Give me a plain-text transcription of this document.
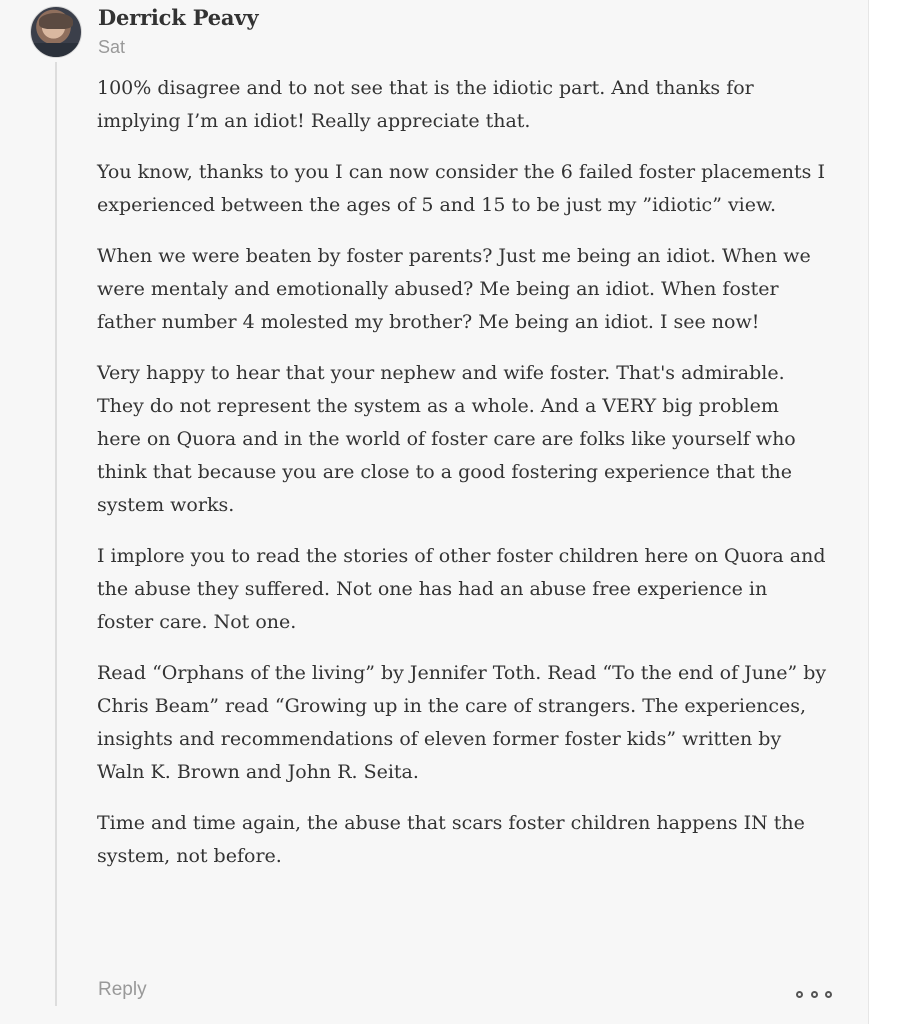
Derrick Peavy
Sat

100% disagree and to not see that is the idiotic part. And thanks for implying I’m an idiot! Really appreciate that.

You know, thanks to you I can now consider the 6 failed foster placements I experienced between the ages of 5 and 15 to be just my ”idiotic” view.

When we were beaten by foster parents? Just me being an idiot. When we were mentaly and emotionally abused? Me being an idiot. When foster father number 4 molested my brother? Me being an idiot. I see now!

Very happy to hear that your nephew and wife foster. That's admirable. They do not represent the system as a whole. And a VERY big problem here on Quora and in the world of foster care are folks like yourself who think that because you are close to a good fostering experience that the system works.

I implore you to read the stories of other foster children here on Quora and the abuse they suffered. Not one has had an abuse free experience in foster care. Not one.

Read “Orphans of the living” by Jennifer Toth. Read “To the end of June” by Chris Beam” read “Growing up in the care of strangers. The experiences, insights and recommendations of eleven former foster kids” written by Waln K. Brown and John R. Seita.

Time and time again, the abuse that scars foster children happens IN the system, not before.

Reply
